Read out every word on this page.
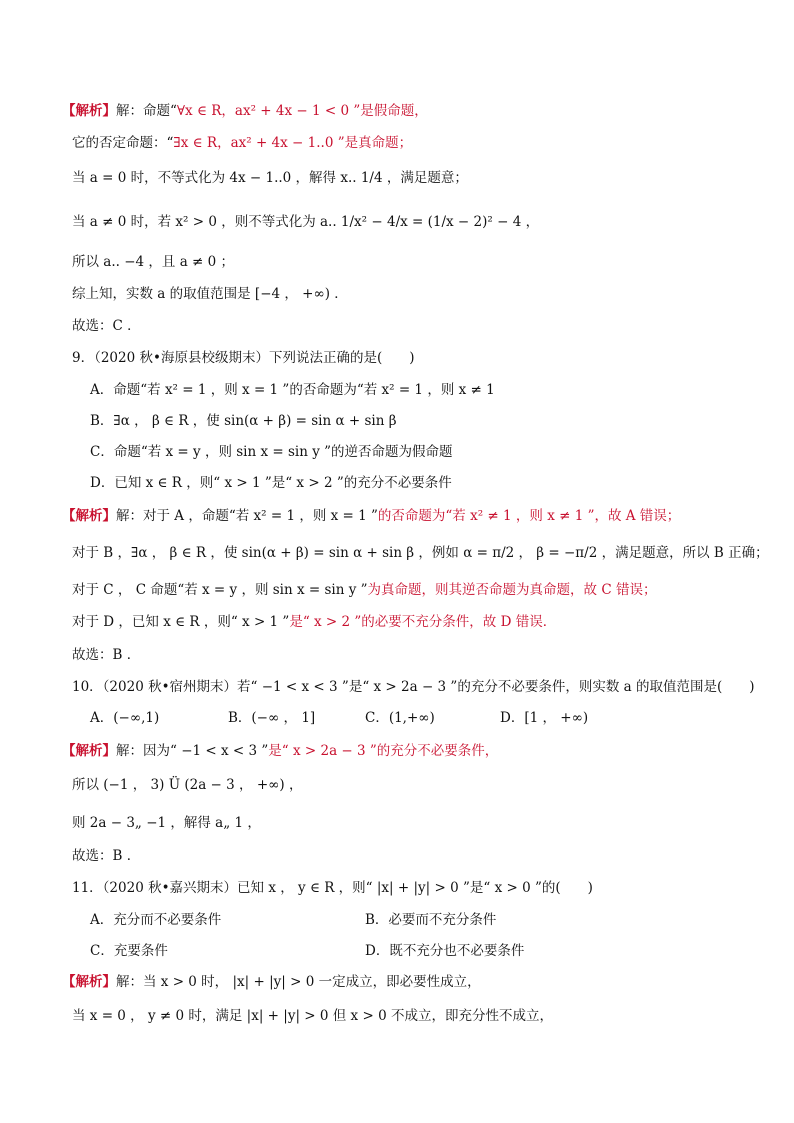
【解析】解：命题“∀x ∈ R，ax² + 4x − 1 < 0 ”是假命题，
它的否定命题：“∃x ∈ R，ax² + 4x − 1..0 ”是真命题；
当 a = 0 时，不等式化为 4x − 1..0 ，解得 x.. 1/4 ，满足题意；
当 a ≠ 0 时，若 x² > 0 ，则不等式化为 a.. 1/x² − 4/x = (1/x − 2)² − 4 ，
所以 a.. −4 ，且 a ≠ 0 ；
综上知，实数 a 的取值范围是 [−4 ， +∞) ．
故选：C ．
9．（2020 秋•海原县校级期末）下列说法正确的是(　　)
A．命题“若 x² = 1 ，则 x = 1 ”的否命题为“若 x² = 1 ，则 x ≠ 1
B．∃α ， β ∈ R ，使 sin(α + β) = sin α + sin β
C．命题“若 x = y ，则 sin x = sin y ”的逆否命题为假命题
D．已知 x ∈ R ，则“ x > 1 ”是“ x > 2 ”的充分不必要条件
【解析】解：对于 A ，命题“若 x² = 1 ，则 x = 1 ”的否命题为“若 x² ≠ 1 ，则 x ≠ 1 ”，故 A 错误；
对于 B ，∃α ， β ∈ R ，使 sin(α + β) = sin α + sin β ，例如 α = π/2 ， β = −π/2 ，满足题意，所以 B 正确；
对于 C ， C 命题“若 x = y ，则 sin x = sin y ”为真命题，则其逆否命题为真命题，故 C 错误；
对于 D ，已知 x ∈ R ，则“ x > 1 ”是“ x > 2 ”的必要不充分条件，故 D 错误．
故选：B ．
10．（2020 秋•宿州期末）若“ −1 < x < 3 ”是“ x > 2a − 3 ”的充分不必要条件，则实数 a 的取值范围是(　　)
A．(−∞,1)	B．(−∞ ， 1]	C．(1,+∞)	D．[1 ， +∞)
【解析】解：因为“ −1 < x < 3 ”是“ x > 2a − 3 ”的充分不必要条件，
所以 (−1 ， 3) Ü (2a − 3 ， +∞) ，
则 2a − 3„ −1 ，解得 a„ 1 ，
故选：B ．
11．（2020 秋•嘉兴期末）已知 x ， y ∈ R ，则“ |x| + |y| > 0 ”是“ x > 0 ”的(　　)
A．充分而不必要条件	B．必要而不充分条件
C．充要条件	D．既不充分也不必要条件
【解析】解：当 x > 0 时， |x| + |y| > 0 一定成立，即必要性成立，
当 x = 0 ， y ≠ 0 时，满足 |x| + |y| > 0 但 x > 0 不成立，即充分性不成立，
